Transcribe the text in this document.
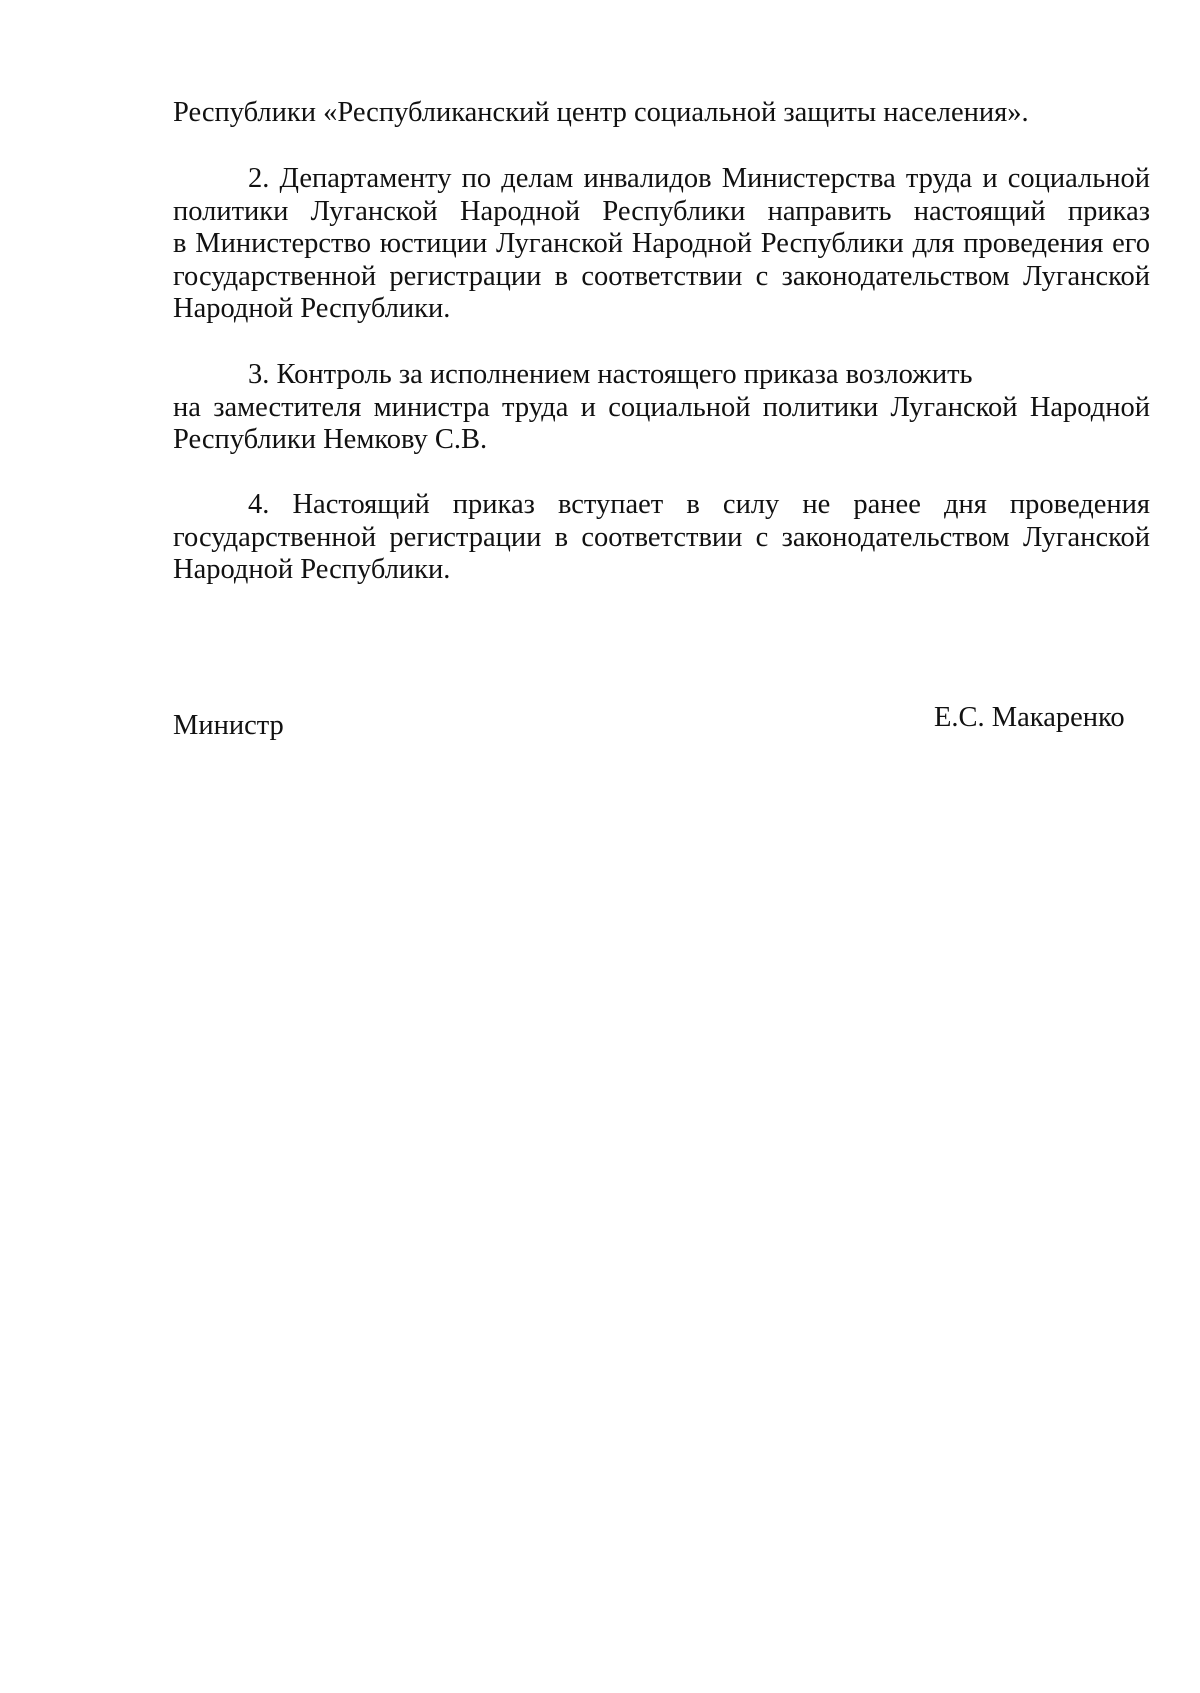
Республики «Республиканский центр социальной защиты населения».
2. Департаменту по делам инвалидов Министерства труда и социальной
политики Луганской Народной Республики направить настоящий приказ
в Министерство юстиции Луганской Народной Республики для проведения его
государственной регистрации в соответствии с законодательством Луганской
Народной Республики.
3. Контроль за исполнением настоящего приказа возложить
на заместителя министра труда и социальной политики Луганской Народной
Республики Немкову С.В.
4. Настоящий приказ вступает в силу не ранее дня проведения
государственной регистрации в соответствии с законодательством Луганской
Народной Республики.
Министр	Е.С. Макаренко
